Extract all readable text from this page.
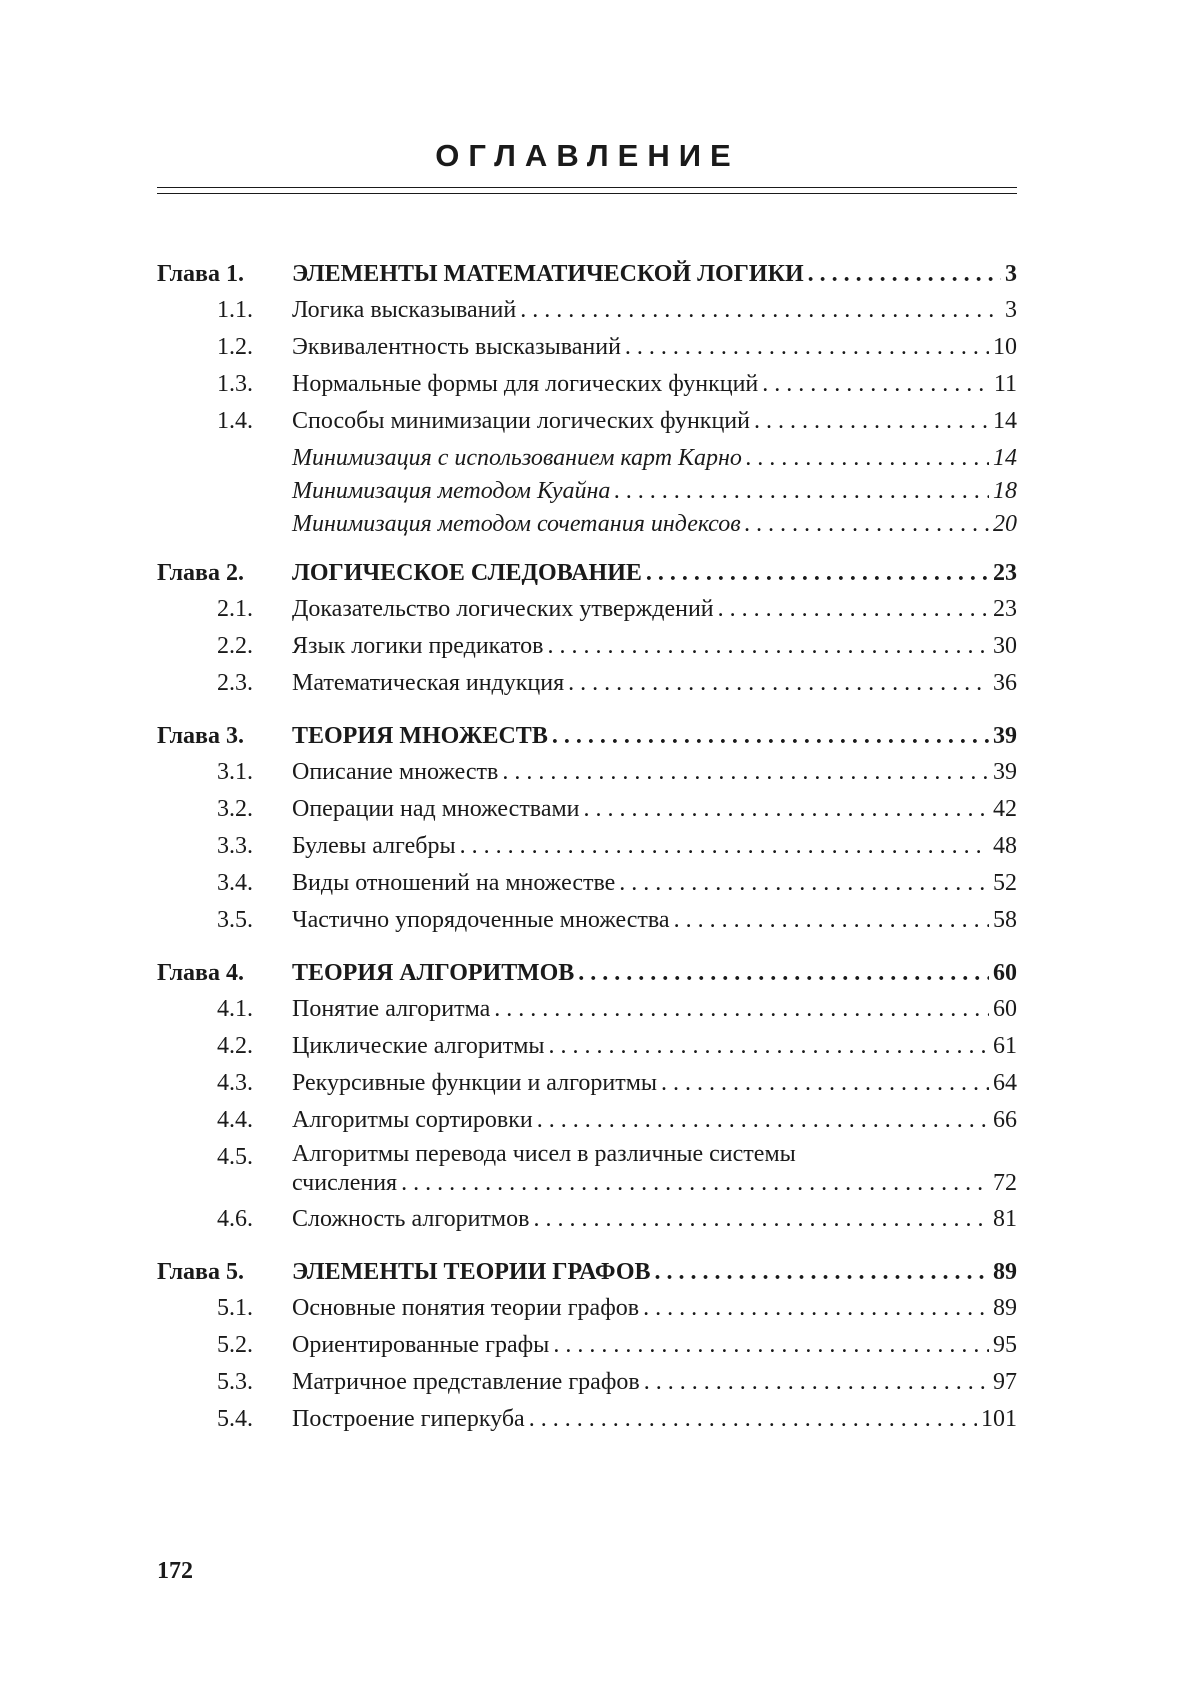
ОГЛАВЛЕНИЕ
Глава 1.	ЭЛЕМЕНТЫ МАТЕМАТИЧЕСКОЙ ЛОГИКИ . . .	3
1.1.	Логика высказываний . . .	3
1.2.	Эквивалентность высказываний . . .	10
1.3.	Нормальные формы для логических функций . . .	11
1.4.	Способы минимизации логических функций . . .	14
Минимизация с использованием карт Карно . . .	14
Минимизация методом Куайна . . .	18
Минимизация методом сочетания индексов . . .	20
Глава 2.	ЛОГИЧЕСКОЕ СЛЕДОВАНИЕ . . .	23
2.1.	Доказательство логических утверждений . . .	23
2.2.	Язык логики предикатов . . .	30
2.3.	Математическая индукция . . .	36
Глава 3.	ТЕОРИЯ МНОЖЕСТВ . . .	39
3.1.	Описание множеств . . .	39
3.2.	Операции над множествами . . .	42
3.3.	Булевы алгебры . . .	48
3.4.	Виды отношений на множестве . . .	52
3.5.	Частично упорядоченные множества . . .	58
Глава 4.	ТЕОРИЯ АЛГОРИТМОВ . . .	60
4.1.	Понятие алгоритма . . .	60
4.2.	Циклические алгоритмы . . .	61
4.3.	Рекурсивные функции и алгоритмы . . .	64
4.4.	Алгоритмы сортировки . . .	66
4.5.	Алгоритмы перевода чисел в различные системы
счисления . . .	72
4.6.	Сложность алгоритмов . . .	81
Глава 5.	ЭЛЕМЕНТЫ ТЕОРИИ ГРАФОВ . . .	89
5.1.	Основные понятия теории графов . . .	89
5.2.	Ориентированные графы . . .	95
5.3.	Матричное представление графов . . .	97
5.4.	Построение гиперкуба . . .	101
172
